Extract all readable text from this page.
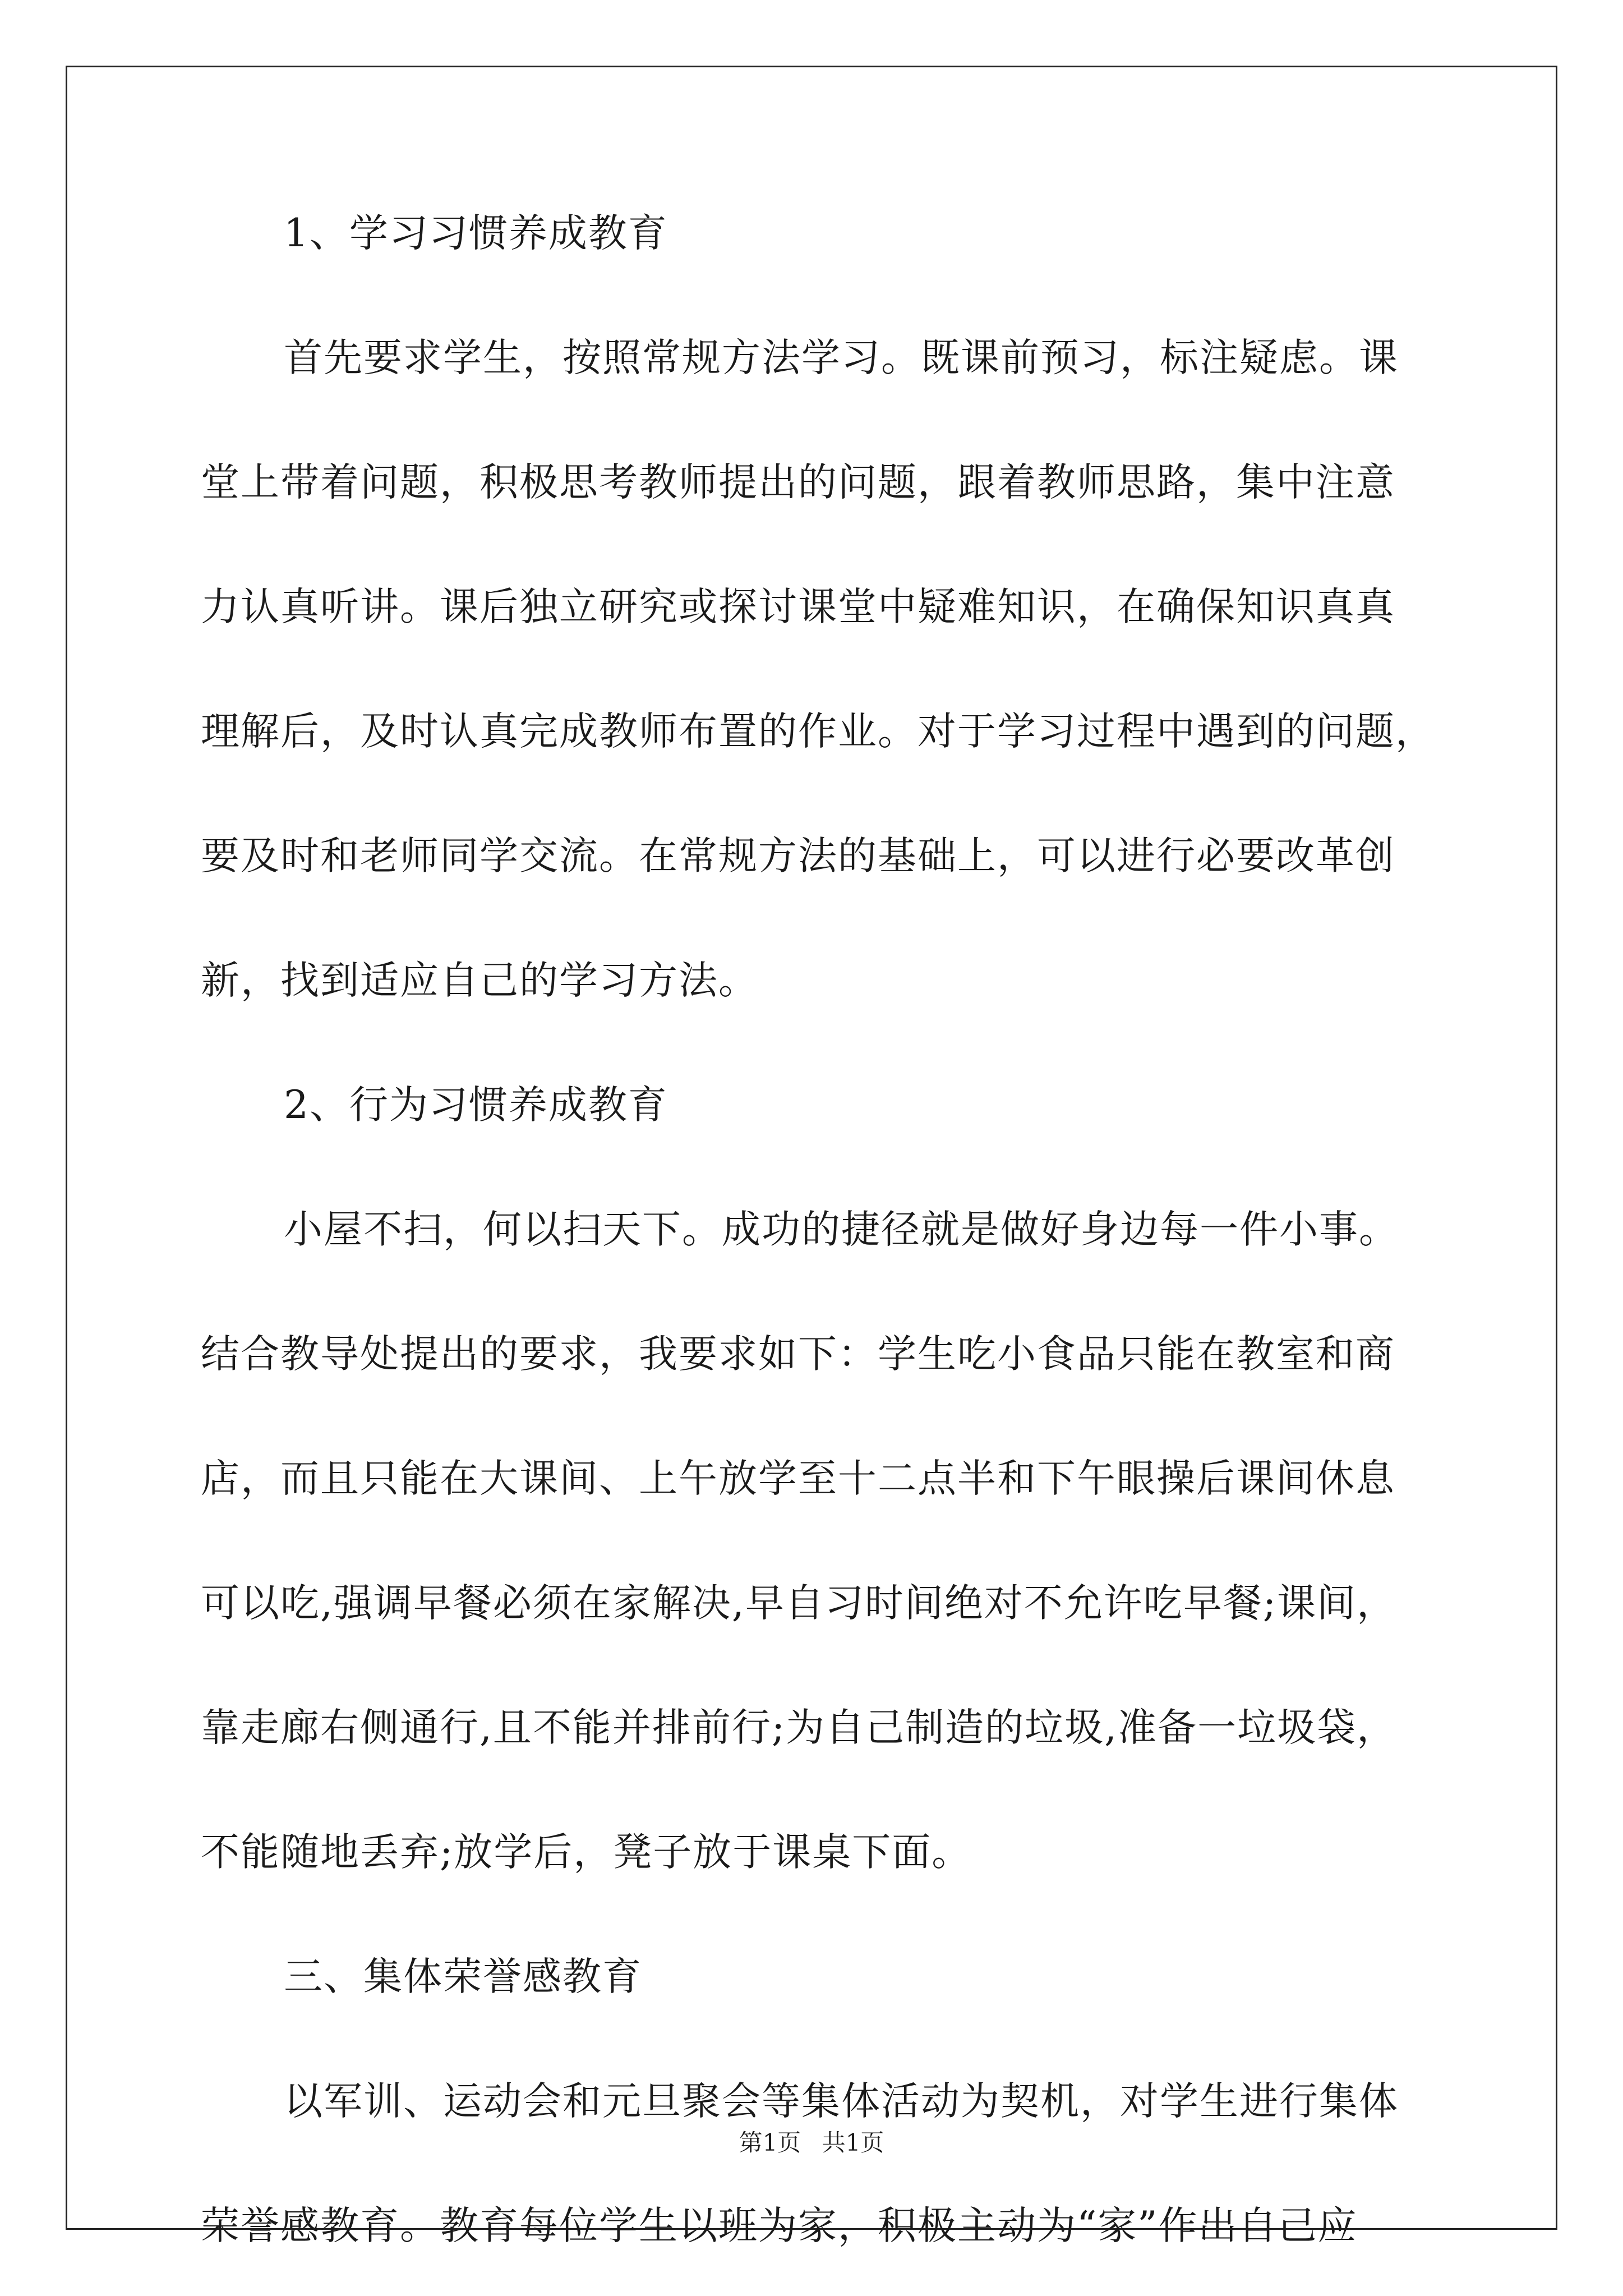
1、学习习惯养成教育
首先要求学生，按照常规方法学习。既课前预习，标注疑虑。课
堂上带着问题，积极思考教师提出的问题，跟着教师思路，集中注意
力认真听讲。课后独立研究或探讨课堂中疑难知识，在确保知识真真
理解后，及时认真完成教师布置的作业。对于学习过程中遇到的问题，
要及时和老师同学交流。在常规方法的基础上，可以进行必要改革创
新，找到适应自己的学习方法。
2、行为习惯养成教育
小屋不扫，何以扫天下。成功的捷径就是做好身边每一件小事。
结合教导处提出的要求，我要求如下：学生吃小食品只能在教室和商
店，而且只能在大课间、上午放学至十二点半和下午眼操后课间休息
可以吃,强调早餐必须在家解决,早自习时间绝对不允许吃早餐;课间，
靠走廊右侧通行,且不能并排前行;为自己制造的垃圾,准备一垃圾袋，
不能随地丢弃;放学后，凳子放于课桌下面。
三、集体荣誉感教育
以军训、运动会和元旦聚会等集体活动为契机，对学生进行集体
荣誉感教育。教育每位学生以班为家，积极主动为“家”作出自己应
第1页 共1页
